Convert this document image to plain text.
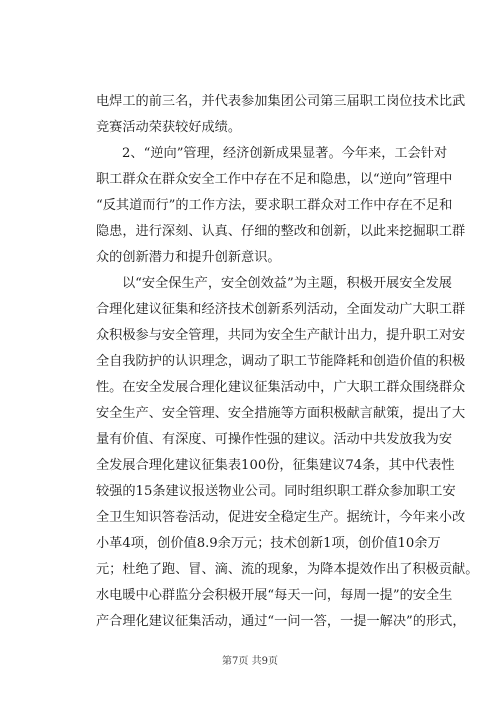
电焊工的前三名，并代表参加集团公司第三届职工岗位技术比武
竞赛活动荣获较好成绩。
2、“逆向”管理，经济创新成果显著。今年来，工会针对
职工群众在群众安全工作中存在不足和隐患，以“逆向”管理中
“反其道而行”的工作方法，要求职工群众对工作中存在不足和
隐患，进行深刻、认真、仔细的整改和创新，以此来挖掘职工群
众的创新潜力和提升创新意识。
以“安全保生产，安全创效益”为主题，积极开展安全发展
合理化建议征集和经济技术创新系列活动，全面发动广大职工群
众积极参与安全管理，共同为安全生产献计出力，提升职工对安
全自我防护的认识理念，调动了职工节能降耗和创造价值的积极
性。在安全发展合理化建议征集活动中，广大职工群众围绕群众
安全生产、安全管理、安全措施等方面积极献言献策，提出了大
量有价值、有深度、可操作性强的建议。活动中共发放我为安
全发展合理化建议征集表100份，征集建议74条，其中代表性
较强的15条建议报送物业公司。同时组织职工群众参加职工安
全卫生知识答卷活动，促进安全稳定生产。据统计，今年来小改
小革4项，创价值8.9余万元；技术创新1项，创价值10余万
元；杜绝了跑、冒、滴、流的现象，为降本提效作出了积极贡献。
水电暖中心群监分会积极开展“每天一问，每周一提”的安全生
产合理化建议征集活动，通过“一问一答，一提一解决”的形式，
第7页 共9页
